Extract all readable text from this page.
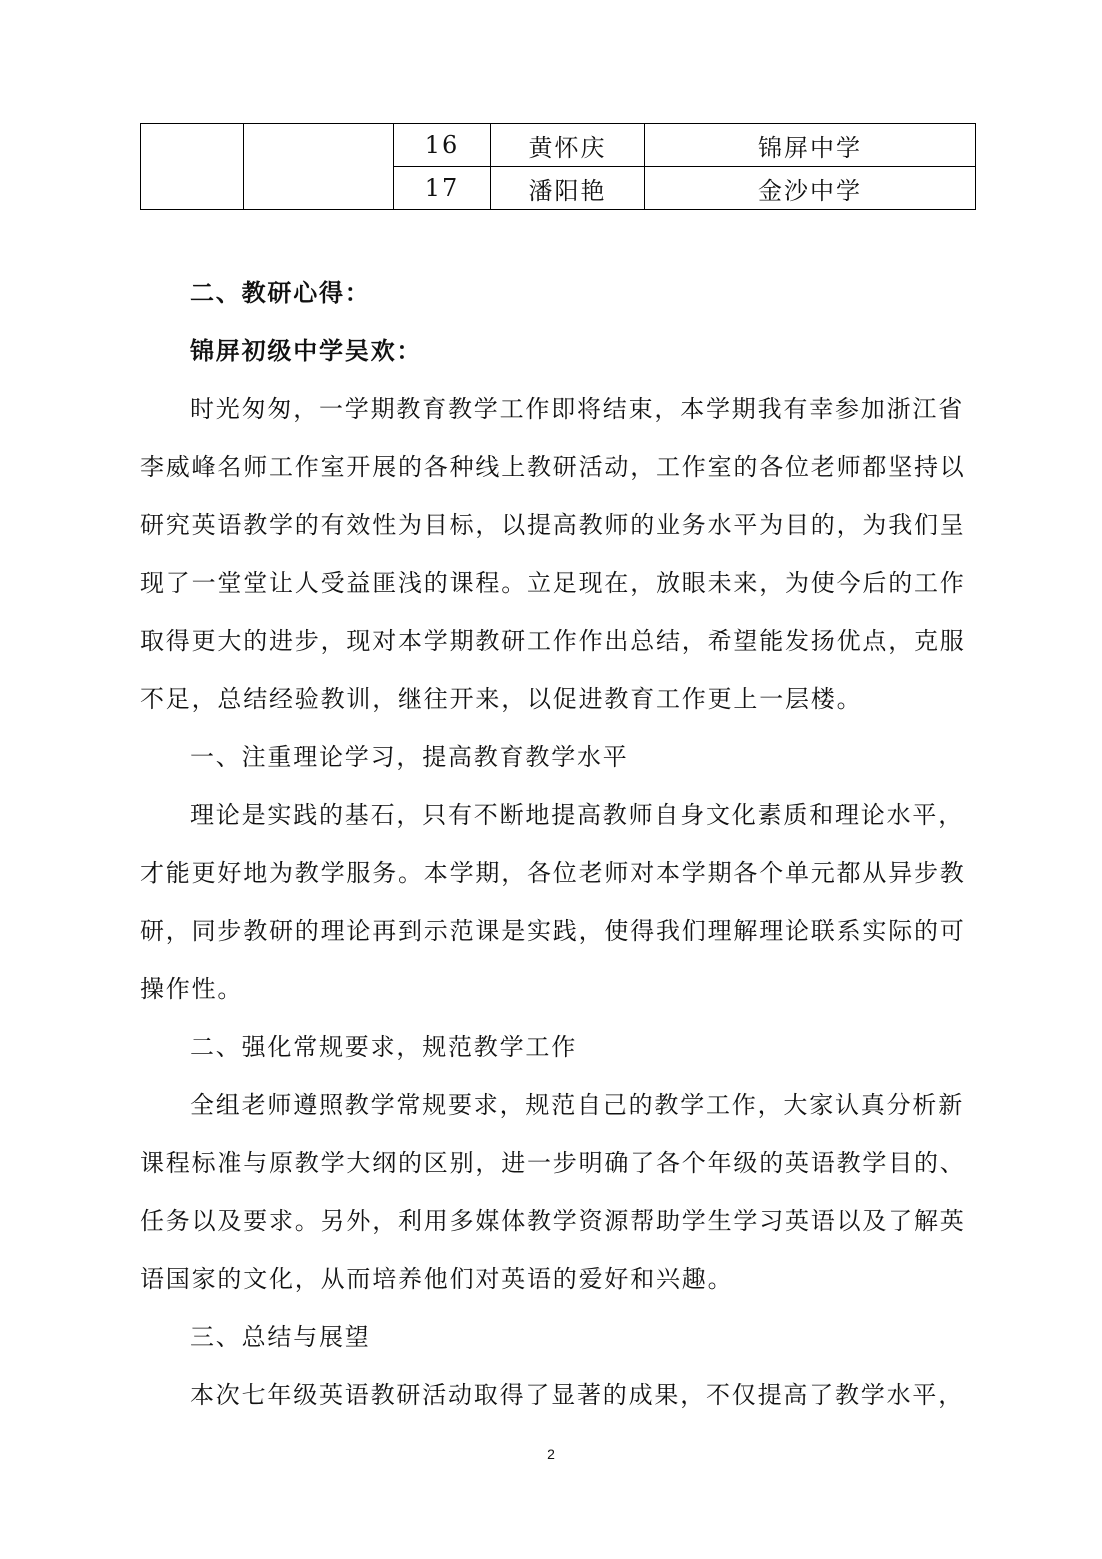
		16	黄怀庆	锦屏中学
		17	潘阳艳	金沙中学

二、教研心得：

锦屏初级中学吴欢：

时光匆匆，一学期教育教学工作即将结束，本学期我有幸参加浙江省李威峰名师工作室开展的各种线上教研活动，工作室的各位老师都坚持以研究英语教学的有效性为目标，以提高教师的业务水平为目的，为我们呈现了一堂堂让人受益匪浅的课程。立足现在，放眼未来，为使今后的工作取得更大的进步，现对本学期教研工作作出总结，希望能发扬优点，克服不足，总结经验教训，继往开来，以促进教育工作更上一层楼。

一、注重理论学习，提高教育教学水平

理论是实践的基石，只有不断地提高教师自身文化素质和理论水平，才能更好地为教学服务。本学期，各位老师对本学期各个单元都从异步教研，同步教研的理论再到示范课是实践，使得我们理解理论联系实际的可操作性。

二、强化常规要求，规范教学工作

全组老师遵照教学常规要求，规范自己的教学工作，大家认真分析新课程标准与原教学大纲的区别，进一步明确了各个年级的英语教学目的、任务以及要求。另外，利用多媒体教学资源帮助学生学习英语以及了解英语国家的文化，从而培养他们对英语的爱好和兴趣。

三、总结与展望

本次七年级英语教研活动取得了显著的成果，不仅提高了教学水平，

2
